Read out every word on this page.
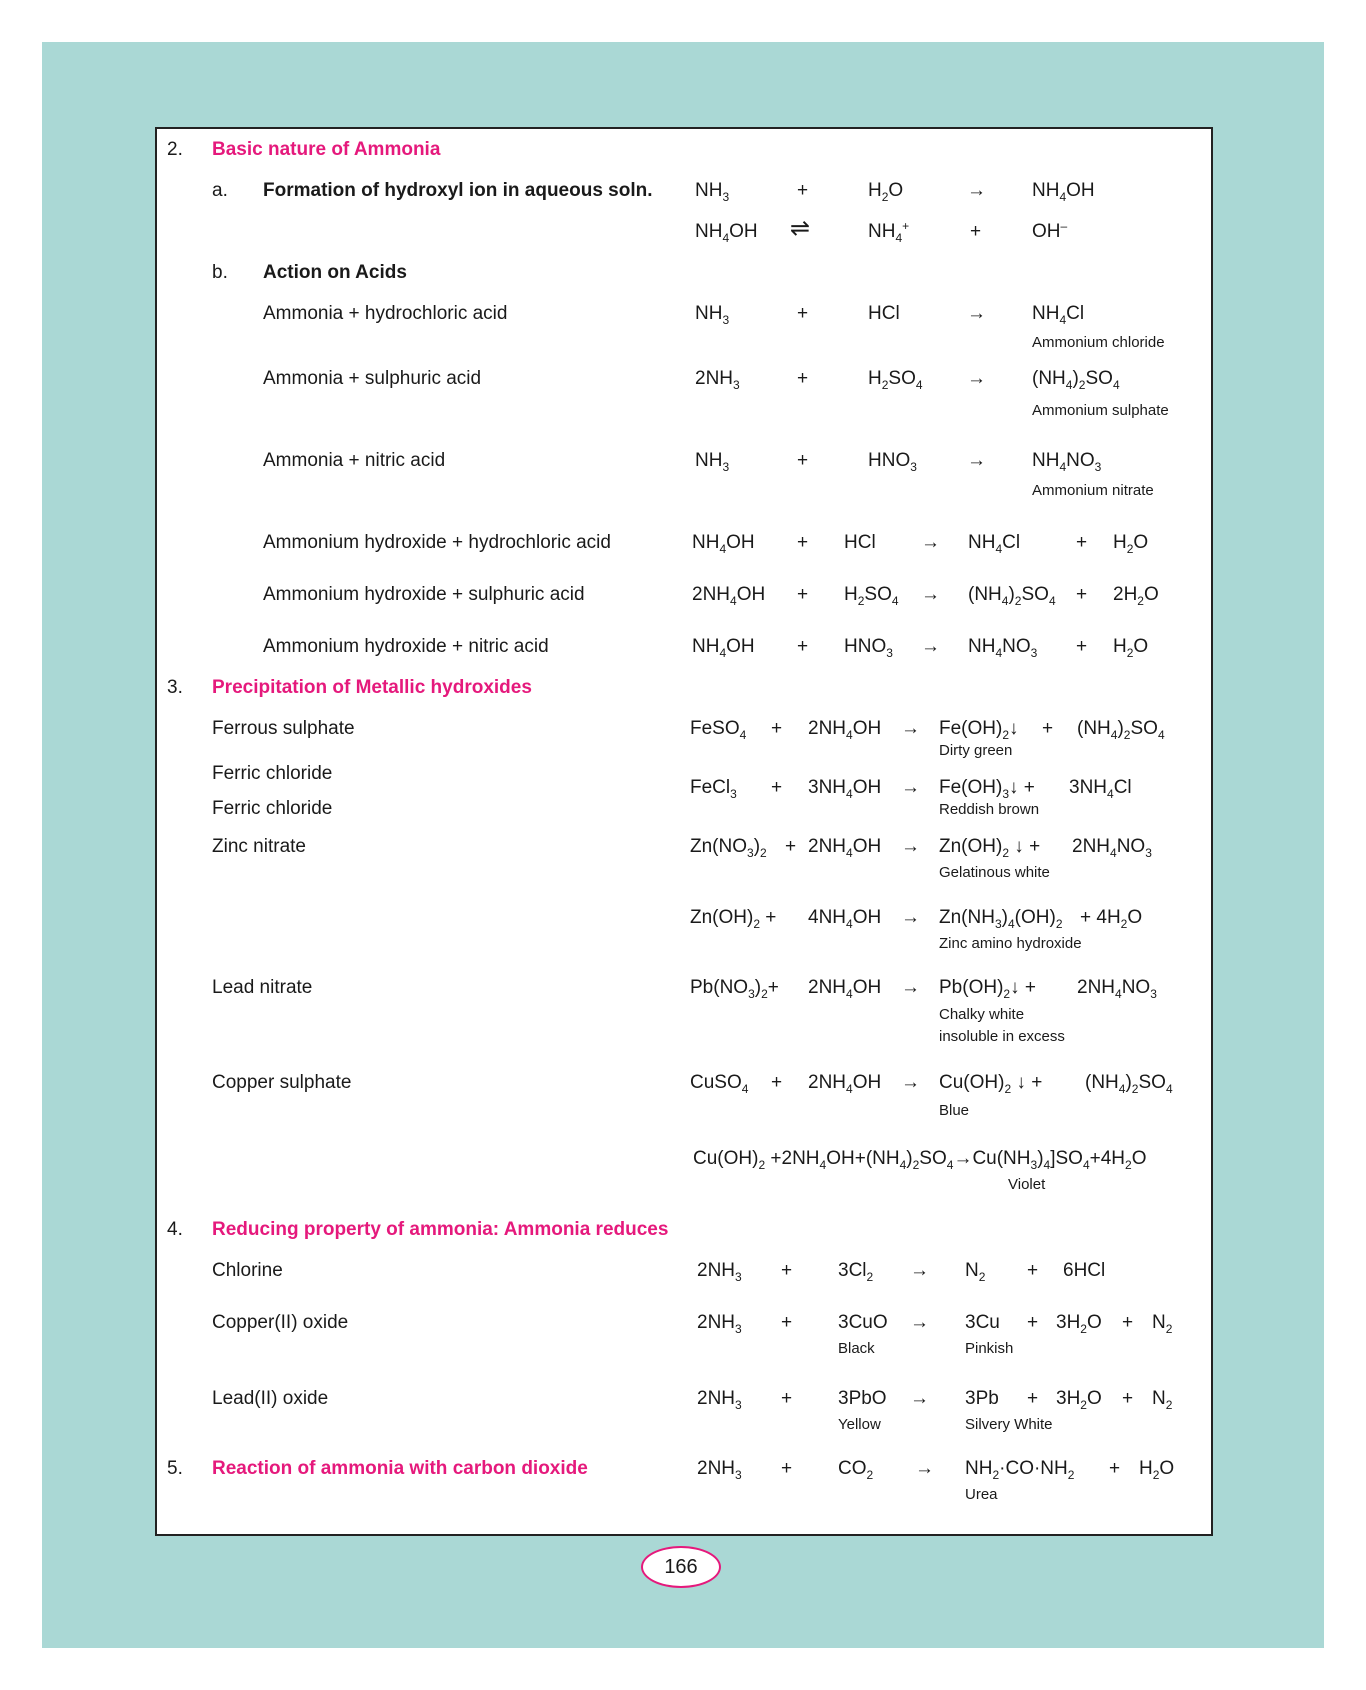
2. Basic nature of Ammonia
a. Formation of hydroxyl ion in aqueous soln. $NH_3$	+	$H_2O$	→ $NH_4OH$
$NH_4OH$ ⇌	$NH_4^+$	+	OH–
b. Action on Acids
Ammonia + hydrochloric acid	$NH_3$	+	HCl	→ $NH_4Cl$
Ammonium chloride
Ammonia + sulphuric acid	$2NH_3$	+	$H_2SO_4 \to (NH_4)_2SO_4$
Ammonium sulphate
Ammonia + nitric acid	$NH_3$	+	$HNO_3$	→ $NH_4NO_3$
Ammonium nitrate
Ammonium hydroxide + hydrochloric acid	$NH_4OH$ + HCl → $NH_4Cl$	+ $H_2O$
Ammonium hydroxide + sulphuric acid	$2NH_4OH + H_2SO_4 \to (NH_4)_2SO_4 + 2H_2O$
Ammonium hydroxide + nitric acid	$NH_4OH + HNO_3 \to NH_4NO_3 + H_2O$
3. Precipitation of Metallic hydroxides
Ferrous sulphate	FeSO$_4$ + $2NH_4OH$ → $Fe(OH)_2↓ + (NH_4)_2SO_4$
Dirty green
Ferric chloride
Ferric chloride
FeCl$_3$ + $3NH_4OH$ → $Fe(OH)_3↓ + 3NH_4Cl$
Reddish brown
Zinc nitrate	$Zn(NO_3)_2 + 2NH_4OH \to Zn(OH)_2$ ↓ + $2NH_4NO_3$
Gelatinous white
$Zn(OH)_2 + 4NH_4OH \to Zn(NH_3)_4(OH)_2 + 4H_2O$
Zinc amino hydroxide
Lead nitrate	$Pb(NO_3)_2+ 2NH_4OH$ → $Pb(OH)_2↓ + 2NH_4NO_3$
Chalky white
insoluble in excess
Copper sulphate	CuSO$_4$ + $2NH_4OH \to Cu(OH)_2$ ↓ + $(NH_4)_2SO_4$
Blue
$Cu(OH)_2 +2NH_4OH+(NH_4)_2SO_4\to Cu(NH_3)_4]SO_4+4H_2O$
Violet
4. Reducing property of ammonia: Ammonia reduces
Chlorine	$2NH_3 + 3Cl_2 \to N_2 + 6HCl$
Copper(II) oxide	$2NH_3 + 3CuO \to 3Cu + 3H_2O + N_2$
Black	Pinkish
Lead(II) oxide	$2NH_3 + 3PbO \to 3Pb + 3H_2O + N_2$
Yellow	Silvery White
5. Reaction of ammonia with carbon dioxide	$2NH_3 + CO_2 \to NH_2\cdot CO\cdot NH_2 + H_2O$
Urea
166
